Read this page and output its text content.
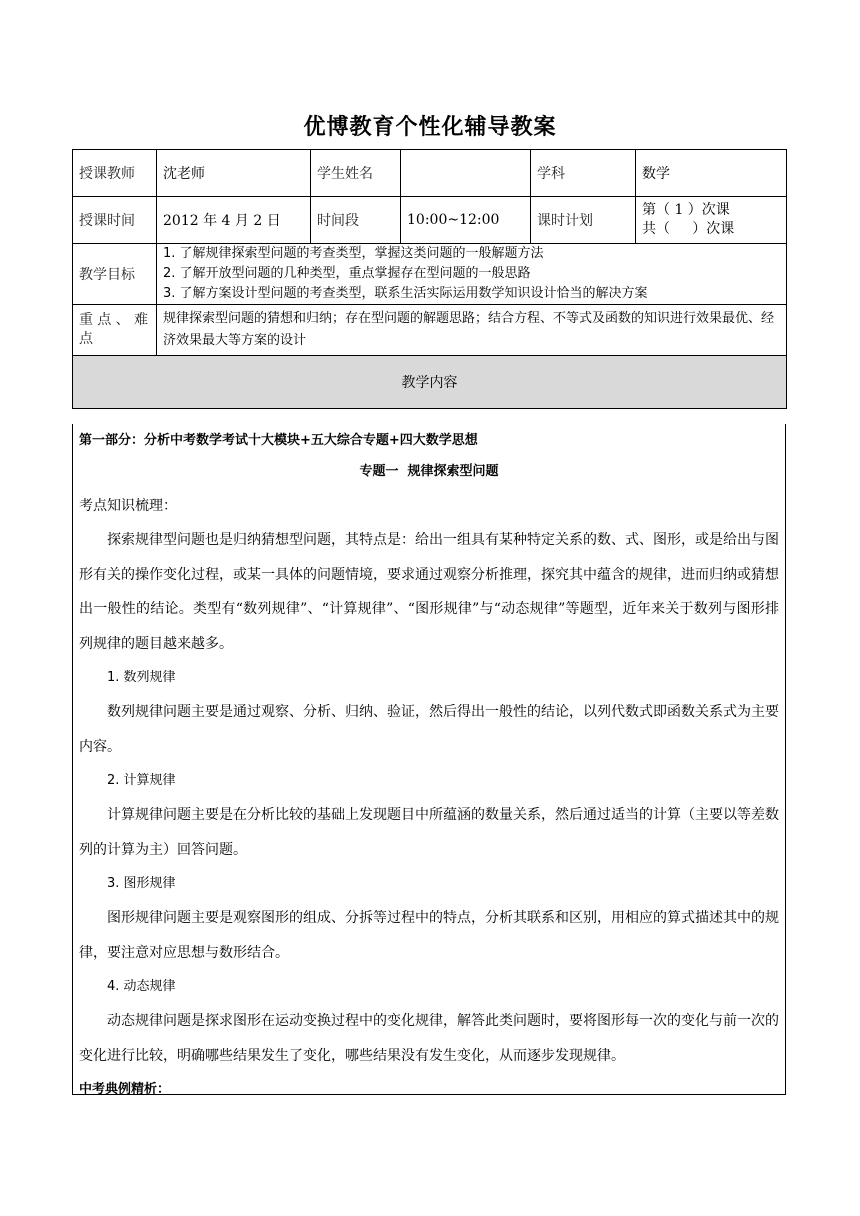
优博教育个性化辅导教案
授课教师	沈老师	学生姓名		学科	数学
授课时间	2012 年 4 月 2 日	时间段	10:00~12:00	课时计划	第（ 1 ）次课
共（     ）次课

教学目标	1. 了解规律探索型问题的考查类型，掌握这类问题的一般解题方法
2. 了解开放型问题的几种类型，重点掌握存在型问题的一般思路
3. 了解方案设计型问题的考查类型，联系生活实际运用数学知识设计恰当的解决方案				

重点、难点	规律探索型问题的猜想和归纳；存在型问题的解题思路；结合方程、不等式及函数的知识进行效果最优、经济效果最大等方案的设计				
教学内容					

第一部分：分析中考数学考试十大模块+五大综合专题+四大数学思想

专题一  规律探索型问题

考点知识梳理：

探索规律型问题也是归纳猜想型问题，其特点是：给出一组具有某种特定关系的数、式、图形，或是给出与图形有关的操作变化过程，或某一具体的问题情境，要求通过观察分析推理，探究其中蕴含的规律，进而归纳或猜想出一般性的结论。类型有“数列规律”、“计算规律”、“图形规律”与“动态规律”等题型，近年来关于数列与图形排列规律的题目越来越多。

1. 数列规律

数列规律问题主要是通过观察、分析、归纳、验证，然后得出一般性的结论，以列代数式即函数关系式为主要内容。

2. 计算规律

计算规律问题主要是在分析比较的基础上发现题目中所蕴涵的数量关系，然后通过适当的计算（主要以等差数列的计算为主）回答问题。

3. 图形规律

图形规律问题主要是观察图形的组成、分拆等过程中的特点，分析其联系和区别，用相应的算式描述其中的规律，要注意对应思想与数形结合。

4. 动态规律

动态规律问题是探求图形在运动变换过程中的变化规律，解答此类问题时，要将图形每一次的变化与前一次的变化进行比较，明确哪些结果发生了变化，哪些结果没有发生变化，从而逐步发现规律。

中考典例精析：
